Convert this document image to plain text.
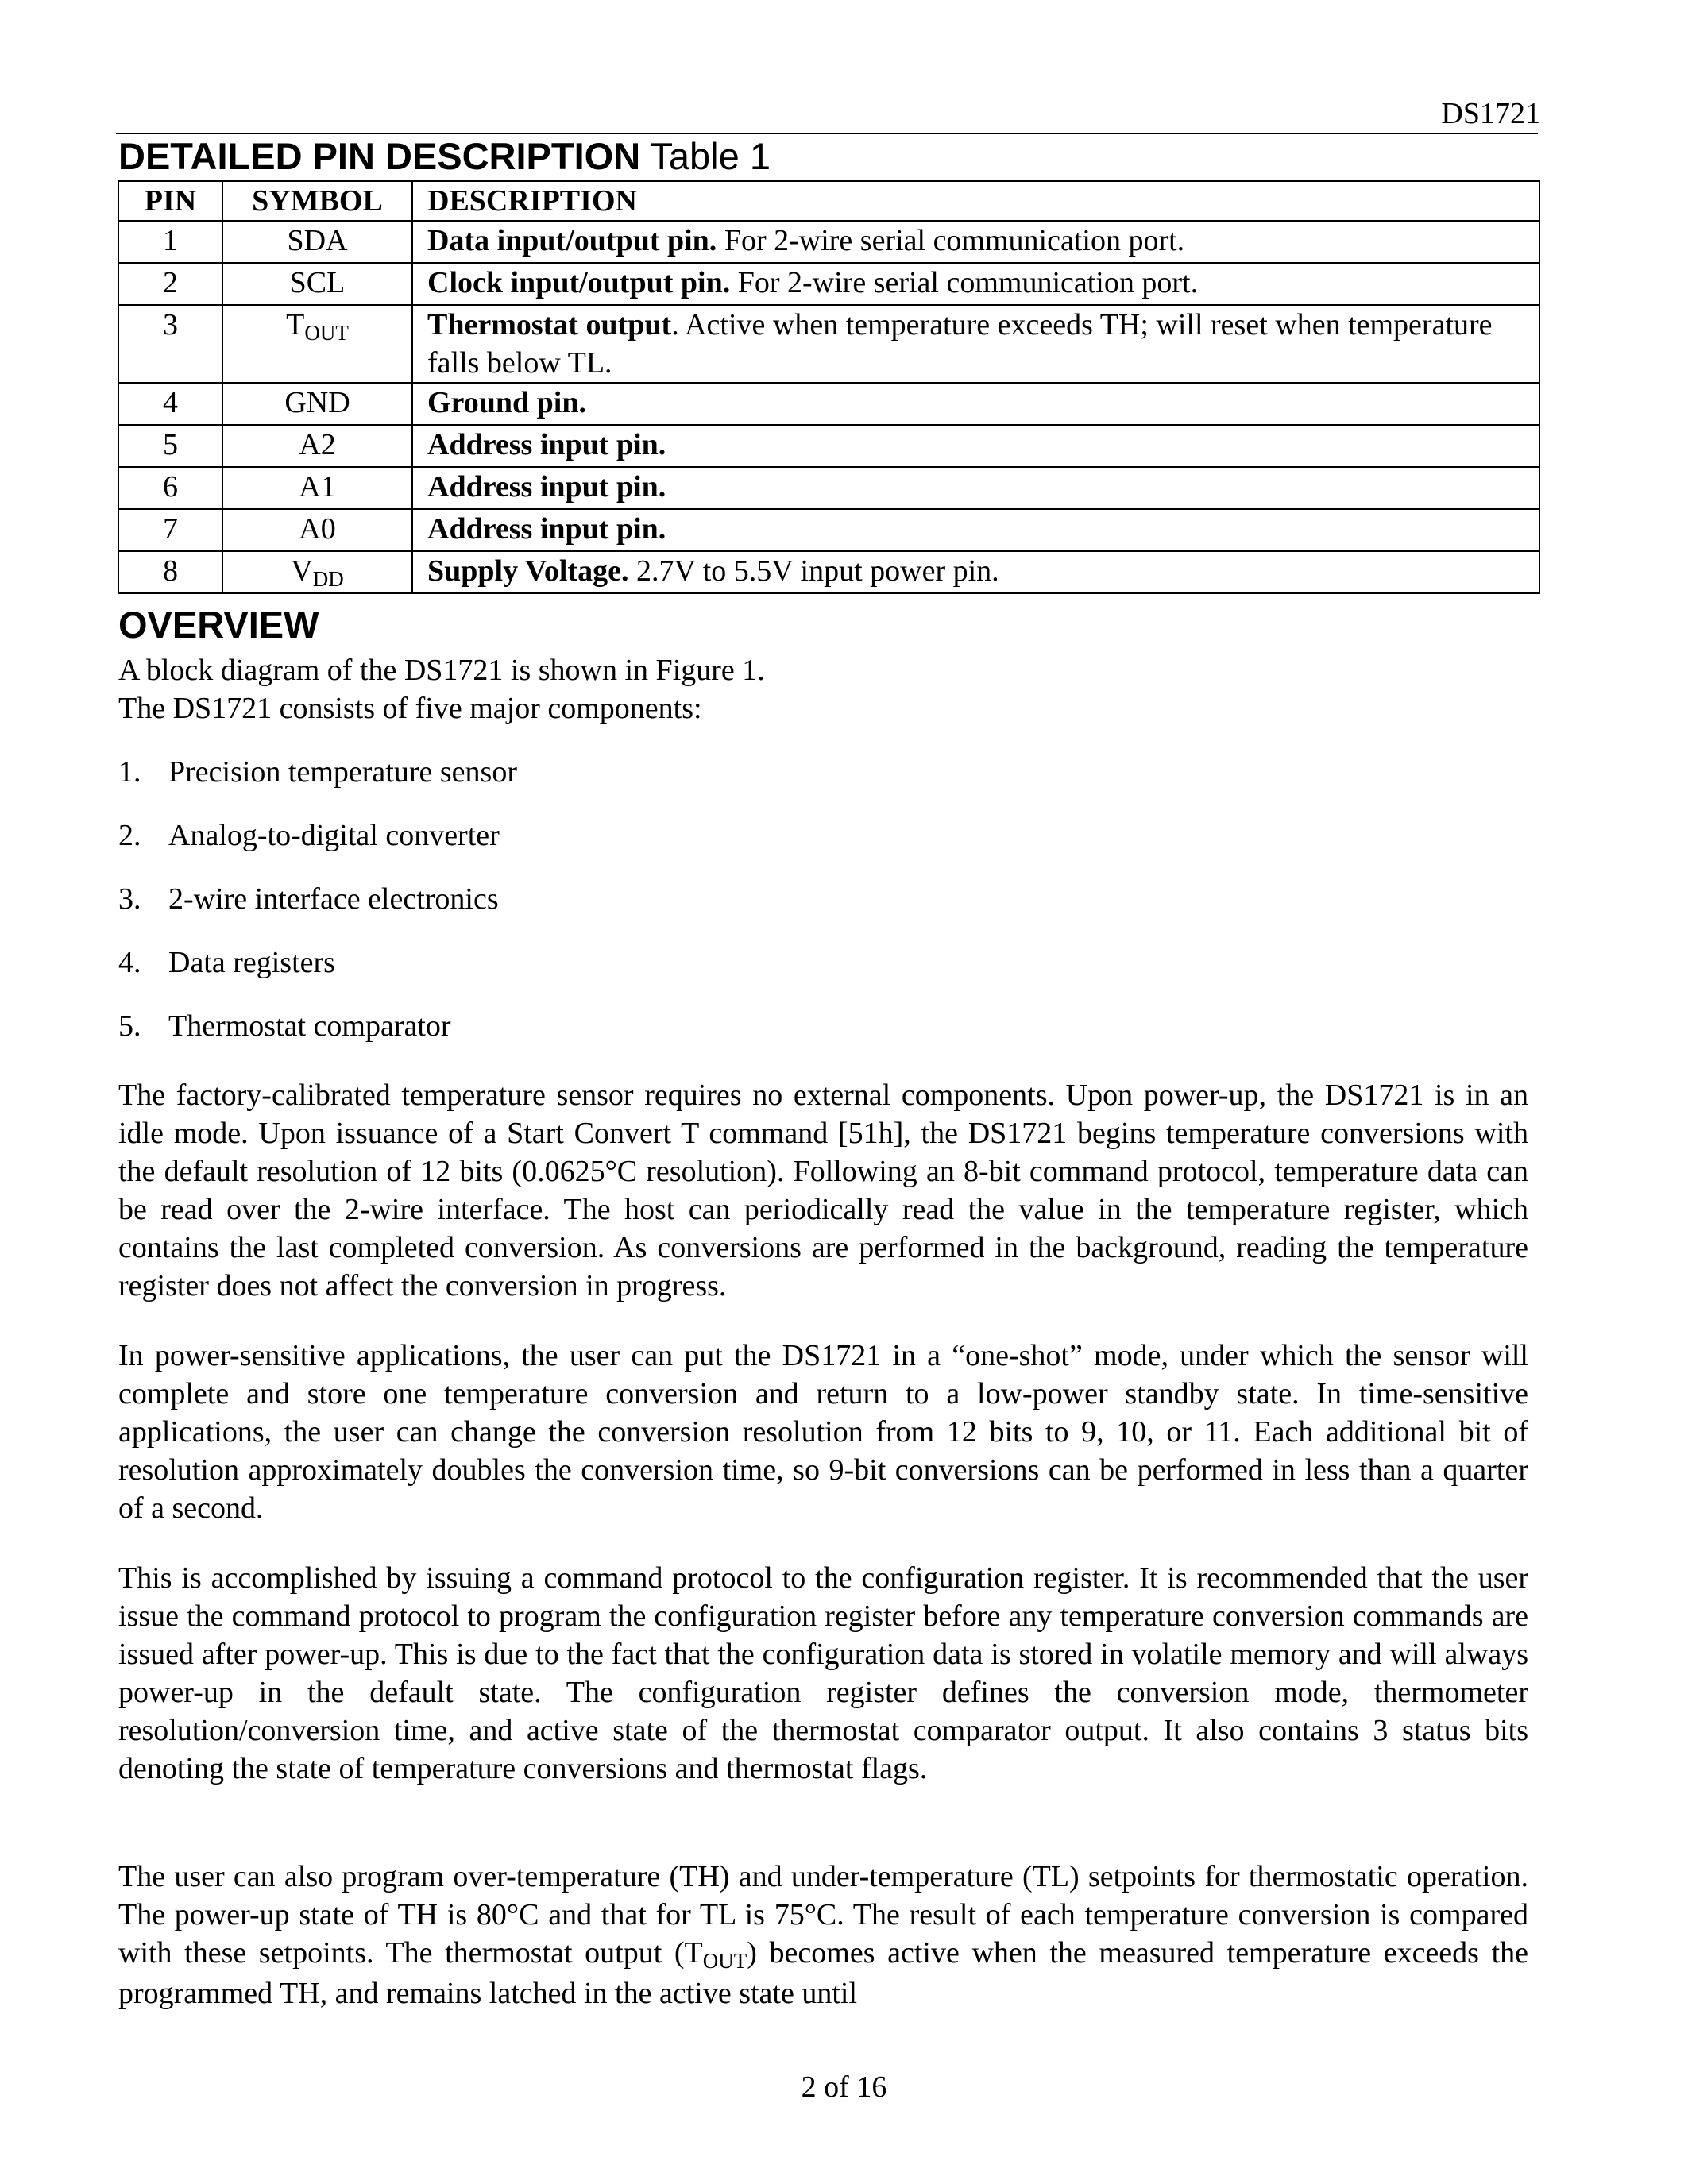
DS1721
DETAILED PIN DESCRIPTION Table 1
PIN	SYMBOL	DESCRIPTION
1	SDA	Data input/output pin. For 2-wire serial communication port.
2	SCL	Clock input/output pin. For 2-wire serial communication port.
3	TOUT	Thermostat output. Active when temperature exceeds TH; will reset when temperature falls below TL.
4	GND	Ground pin.
5	A2	Address input pin.
6	A1	Address input pin.
7	A0	Address input pin.
8	VDD	Supply Voltage. 2.7V to 5.5V input power pin.
OVERVIEW
A block diagram of the DS1721 is shown in Figure 1.
The DS1721 consists of five major components:
1. Precision temperature sensor
2. Analog-to-digital converter
3. 2-wire interface electronics
4. Data registers
5. Thermostat comparator

The factory-calibrated temperature sensor requires no external components. Upon power-up, the DS1721 is in an idle mode. Upon issuance of a Start Convert T command [51h], the DS1721 begins temperature conversions with the default resolution of 12 bits (0.0625°C resolution). Following an 8-bit command protocol, temperature data can be read over the 2-wire interface. The host can periodically read the value in the temperature register, which contains the last completed conversion. As conversions are performed in the background, reading the temperature register does not affect the conversion in progress.

In power-sensitive applications, the user can put the DS1721 in a “one-shot” mode, under which the sensor will complete and store one temperature conversion and return to a low-power standby state. In time-sensitive applications, the user can change the conversion resolution from 12 bits to 9, 10, or 11. Each additional bit of resolution approximately doubles the conversion time, so 9-bit conversions can be performed in less than a quarter of a second.

This is accomplished by issuing a command protocol to the configuration register. It is recommended that the user issue the command protocol to program the configuration register before any temperature conversion commands are issued after power-up. This is due to the fact that the configuration data is stored in volatile memory and will always power-up in the default state. The configuration register defines the conversion mode, thermometer resolution/conversion time, and active state of the thermostat comparator output. It also contains 3 status bits denoting the state of temperature conversions and thermostat flags.

The user can also program over-temperature (TH) and under-temperature (TL) setpoints for thermostatic operation. The power-up state of TH is 80°C and that for TL is 75°C. The result of each temperature conversion is compared with these setpoints. The thermostat output (TOUT) becomes active when the measured temperature exceeds the programmed TH, and remains latched in the active state until

2 of 16
